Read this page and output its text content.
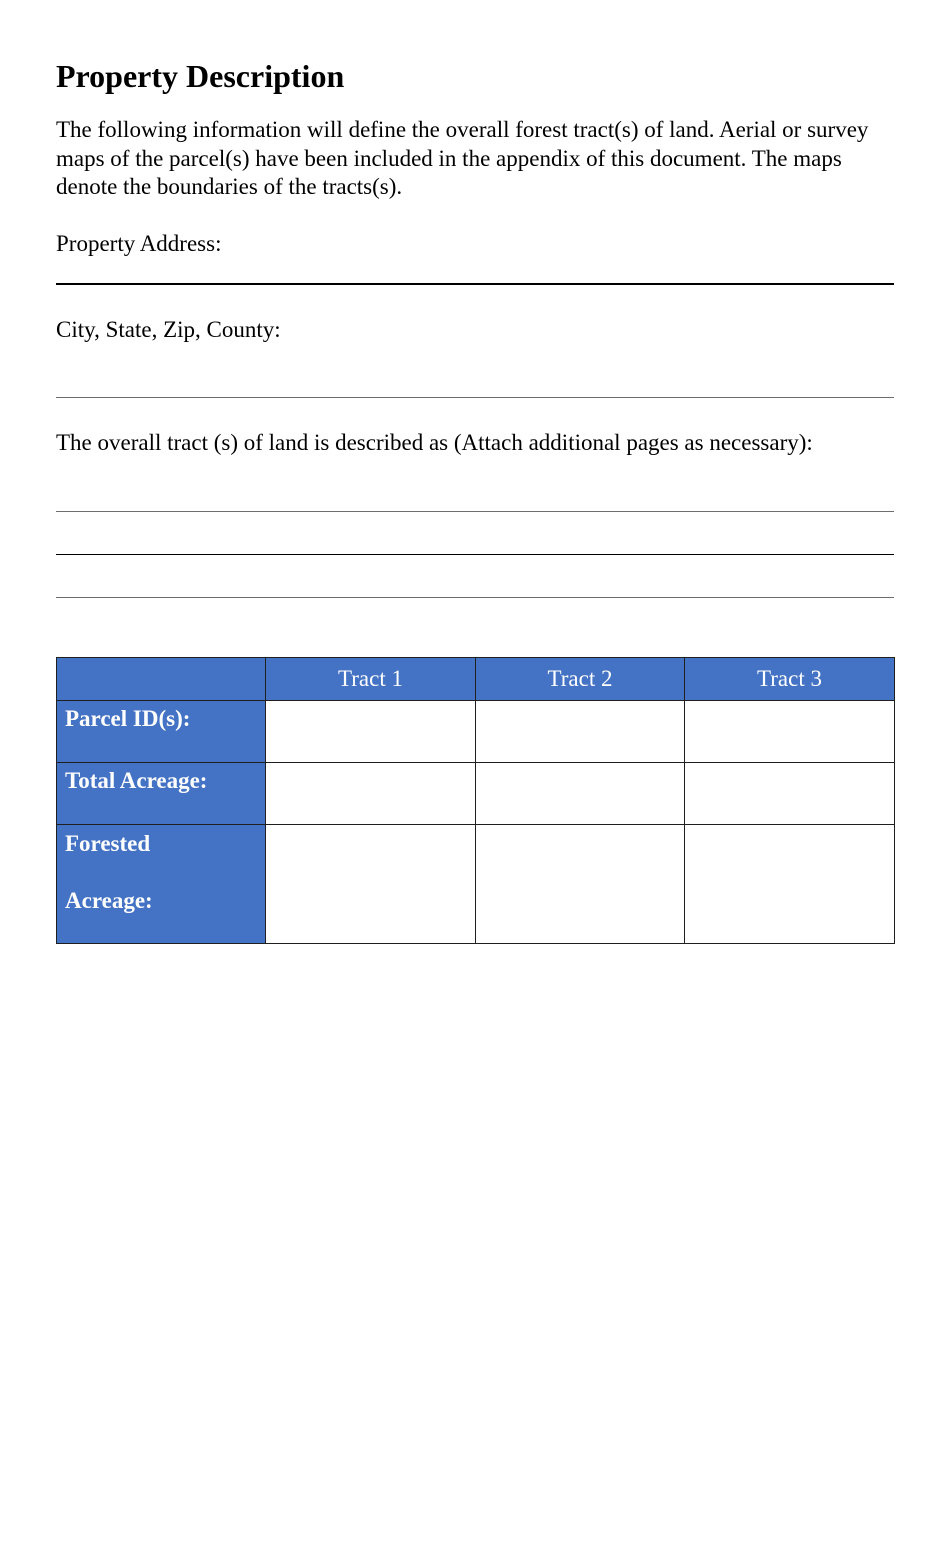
Property Description

The following information will define the overall forest tract(s) of land. Aerial or survey maps of the parcel(s) have been included in the appendix of this document. The maps denote the boundaries of the tracts(s).

Property Address:

City, State, Zip, County:

The overall tract (s) of land is described as (Attach additional pages as necessary):

	Tract 1	Tract 2	Tract 3
Parcel ID(s):			
Total Acreage:			

Forested Acreage:			
